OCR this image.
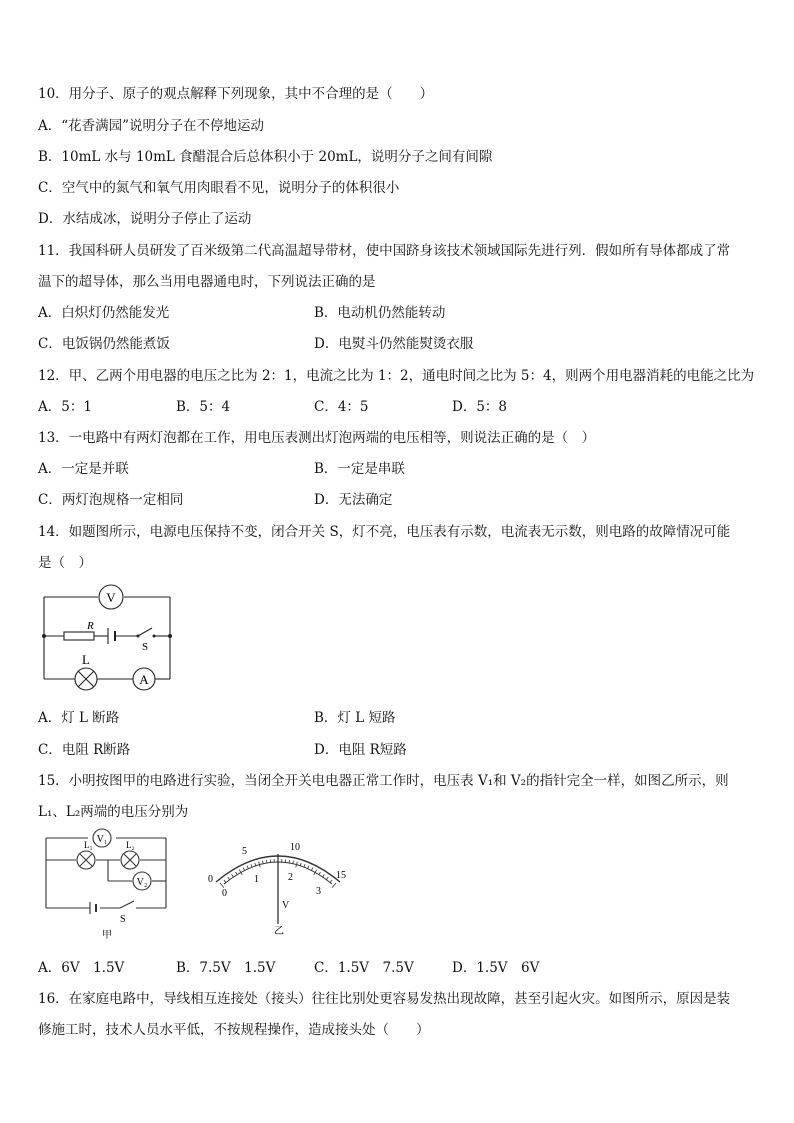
10．用分子、原子的观点解释下列现象，其中不合理的是（　　）
A．“花香满园”说明分子在不停地运动
B．10mL 水与 10mL 食醋混合后总体积小于 20mL，说明分子之间有间隙
C．空气中的氮气和氧气用肉眼看不见，说明分子的体积很小
D．水结成冰，说明分子停止了运动
11．我国科研人员研发了百米级第二代高温超导带材，使中国跻身该技术领域国际先进行列．假如所有导体都成了常
温下的超导体，那么当用电器通电时，下列说法正确的是
A．白炽灯仍然能发光	B．电动机仍然能转动
C．电饭锅仍然能煮饭	D．电熨斗仍然能熨烫衣服
12．甲、乙两个用电器的电压之比为 2：1，电流之比为 1：2，通电时间之比为 5：4，则两个用电器消耗的电能之比为
A．5：1	B．5：4	C．4：5	D．5：8
13．一电路中有两灯泡都在工作，用电压表测出灯泡两端的电压相等，则说法正确的是（　）
A．一定是并联	B．一定是串联
C．两灯泡规格一定相同	D．无法确定
14．如题图所示，电源电压保持不变，闭合开关 S，灯不亮，电压表有示数，电流表无示数，则电路的故障情况可能
是（　）
V
R
S
L
A
A．灯 L 断路	B．灯 L 短路
C．电阻 R断路	D．电阻 R短路
15．小明按图甲的电路进行实验，当闭全开关电电器正常工作时，电压表 V₁和 V₂的指针完全一样，如图乙所示，则
L₁、L₂两端的电压分别为
V₁
L₁	L₂
V₂
S
甲
0
5	10
15
0
1	2
3
V
乙
A．6V　1.5V	B．7.5V　1.5V	C．1.5V　7.5V	D．1.5V　6V
16．在家庭电路中，导线相互连接处（接头）往往比别处更容易发热出现故障，甚至引起火灾。如图所示，原因是装
修施工时，技术人员水平低，不按规程操作，造成接头处（　　）
